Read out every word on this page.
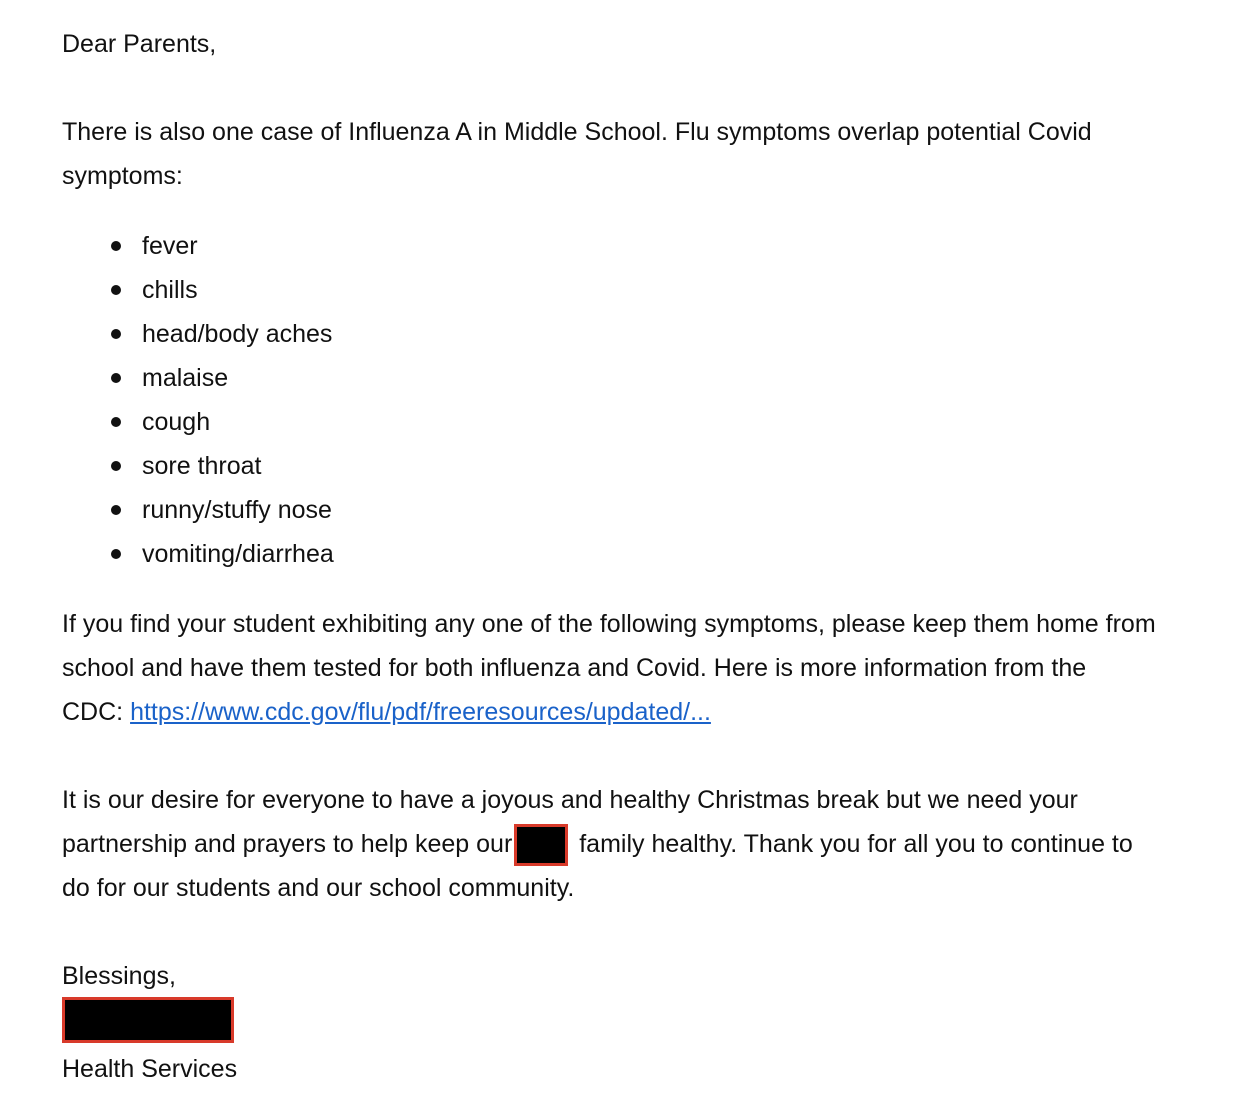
Dear Parents,
There is also one case of Influenza A in Middle School. Flu symptoms overlap potential Covid
symptoms:
fever
chills
head/body aches
malaise
cough
sore throat
runny/stuffy nose
vomiting/diarrhea
If you find your student exhibiting any one of the following symptoms, please keep them home from
school and have them tested for both influenza and Covid. Here is more information from the
CDC: https://www.cdc.gov/flu/pdf/freeresources/updated/...
It is our desire for everyone to have a joyous and healthy Christmas break but we need your
partnership and prayers to help keep our family healthy. Thank you for all you to continue to
do for our students and our school community.
Blessings,
Health Services
